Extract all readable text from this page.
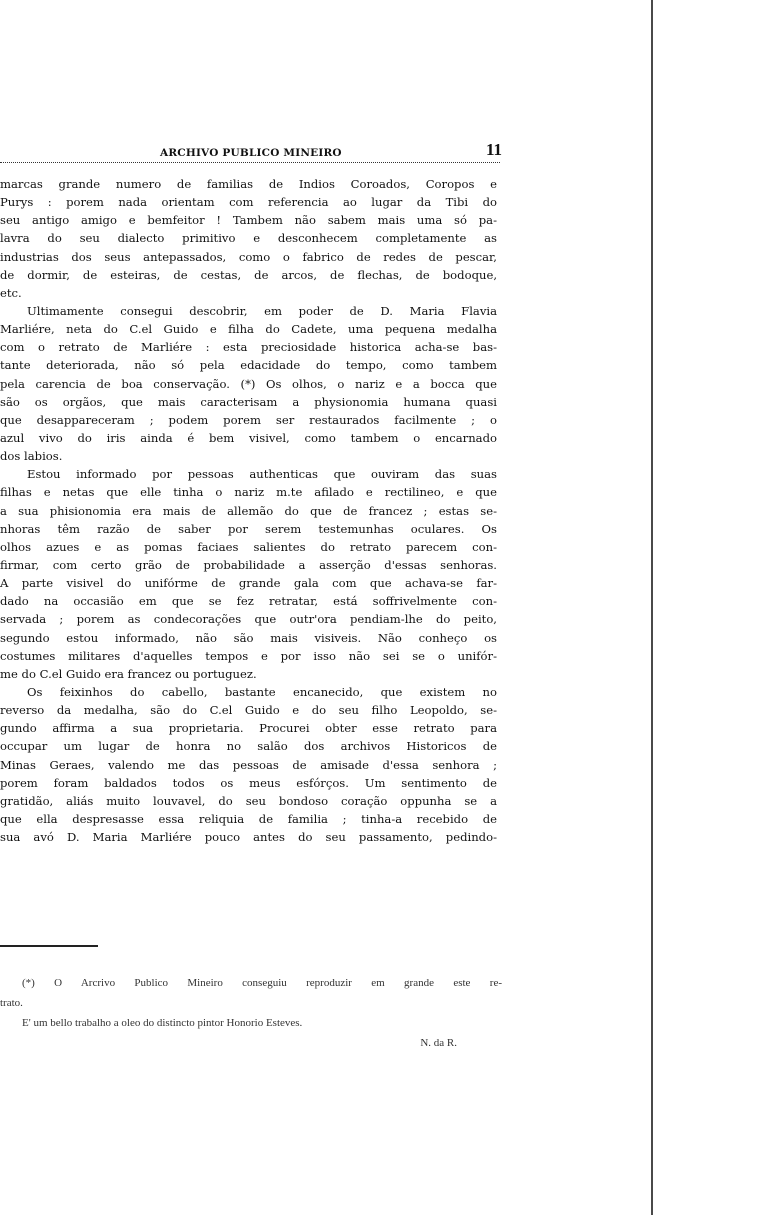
ARCHIVO PUBLICO MINEIRO	11
marcas grande numero de familias de Indios Coroados, Coropos e
Purys : porem nada orientam com referencia ao lugar da Tibi do
seu antigo amigo e bemfeitor ! Tambem não sabem mais uma só pa-
lavra do seu dialecto primitivo e desconhecem completamente as
industrias dos seus antepassados, como o fabrico de redes de pescar,
de dormir, de esteiras, de cestas, de arcos, de flechas, de bodoque,
etc.
Ultimamente consegui descobrir, em poder de D. Maria Flavia
Marliére, neta do C.el Guido e filha do Cadete, uma pequena medalha
com o retrato de Marliére : esta preciosidade historica acha-se bas-
tante deteriorada, não só pela edacidade do tempo, como tambem
pela carencia de boa conservação. (*) Os olhos, o nariz e a bocca que
são os orgãos, que mais caracterisam a physionomia humana quasi
que desappareceram ; podem porem ser restaurados facilmente ; o
azul vivo do iris ainda é bem visivel, como tambem o encarnado
dos labios.
Estou informado por pessoas authenticas que ouviram das suas
filhas e netas que elle tinha o nariz m.te afilado e rectilineo, e que
a sua phisionomia era mais de allemão do que de francez ; estas se-
nhoras têm razão de saber por serem testemunhas oculares. Os
olhos azues e as pomas faciaes salientes do retrato parecem con-
firmar, com certo grão de probabilidade a asserção d'essas senhoras.
A parte visivel do unifórme de grande gala com que achava-se far-
dado na occasião em que se fez retratar, está soffrivelmente con-
servada ; porem as condecorações que outr'ora pendiam-lhe do peito,
segundo estou informado, não são mais visiveis. Não conheço os
costumes militares d'aquelles tempos e por isso não sei se o unifór-
me do C.el Guido era francez ou portuguez.
Os feixinhos do cabello, bastante encanecido, que existem no
reverso da medalha, são do C.el Guido e do seu filho Leopoldo, se-
gundo affirma a sua proprietaria. Procurei obter esse retrato para
occupar um lugar de honra no salão dos archivos Historicos de
Minas Geraes, valendo me das pessoas de amisade d'essa senhora ;
porem foram baldados todos os meus esfórços. Um sentimento de
gratidão, aliás muito louvavel, do seu bondoso coração oppunha se a
que ella despresasse essa reliquia de familia ; tinha-a recebido de
sua avó D. Maria Marliére pouco antes do seu passamento, pedindo-
(*) O Arcrivo Publico Mineiro conseguiu reproduzir em grande este re-
trato.
E' um bello trabalho a oleo do distincto pintor Honorio Esteves.
N. da R.
